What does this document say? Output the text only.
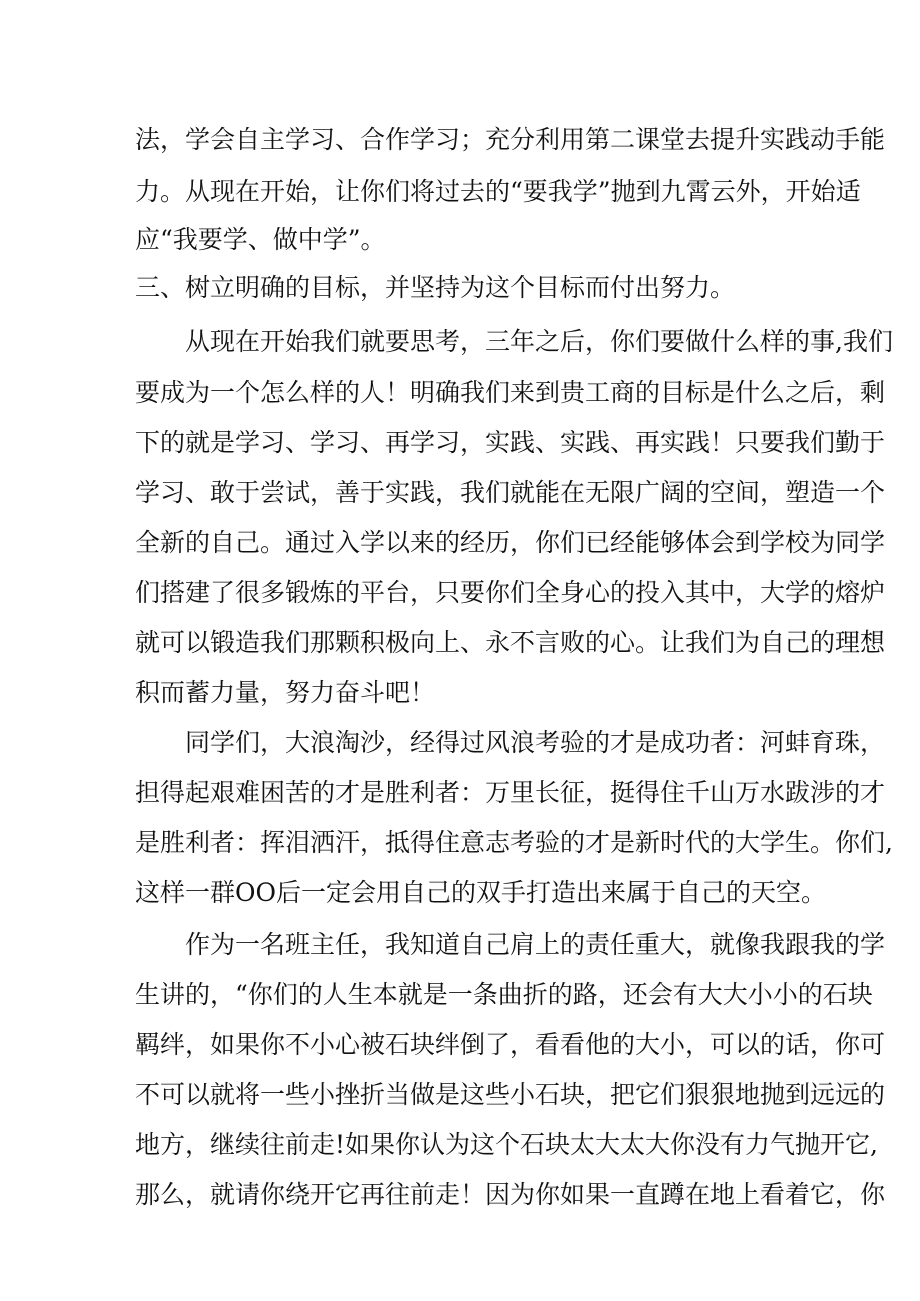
法，学会自主学习、合作学习；充分利用第二课堂去提升实践动手能
力。从现在开始，让你们将过去的“要我学”抛到九霄云外，开始适
应“我要学、做中学”。
三、树立明确的目标，并坚持为这个目标而付出努力。
从现在开始我们就要思考，三年之后，你们要做什么样的事,我们
要成为一个怎么样的人！明确我们来到贵工商的目标是什么之后，剩
下的就是学习、学习、再学习，实践、实践、再实践！只要我们勤于
学习、敢于尝试，善于实践，我们就能在无限广阔的空间，塑造一个
全新的自己。通过入学以来的经历，你们已经能够体会到学校为同学
们搭建了很多锻炼的平台，只要你们全身心的投入其中，大学的熔炉
就可以锻造我们那颗积极向上、永不言败的心。让我们为自己的理想
积而蓄力量，努力奋斗吧！
同学们，大浪淘沙，经得过风浪考验的才是成功者：河蚌育珠，
担得起艰难困苦的才是胜利者：万里长征，挺得住千山万水跋涉的才
是胜利者：挥泪洒汗，抵得住意志考验的才是新时代的大学生。你们,
这样一群OO后一定会用自己的双手打造出来属于自己的天空。
作为一名班主任，我知道自己肩上的责任重大，就像我跟我的学
生讲的，“你们的人生本就是一条曲折的路，还会有大大小小的石块
羁绊，如果你不小心被石块绊倒了，看看他的大小，可以的话，你可
不可以就将一些小挫折当做是这些小石块，把它们狠狠地抛到远远的
地方，继续往前走!如果你认为这个石块太大太大你没有力气抛开它,
那么，就请你绕开它再往前走！因为你如果一直蹲在地上看着它，你
